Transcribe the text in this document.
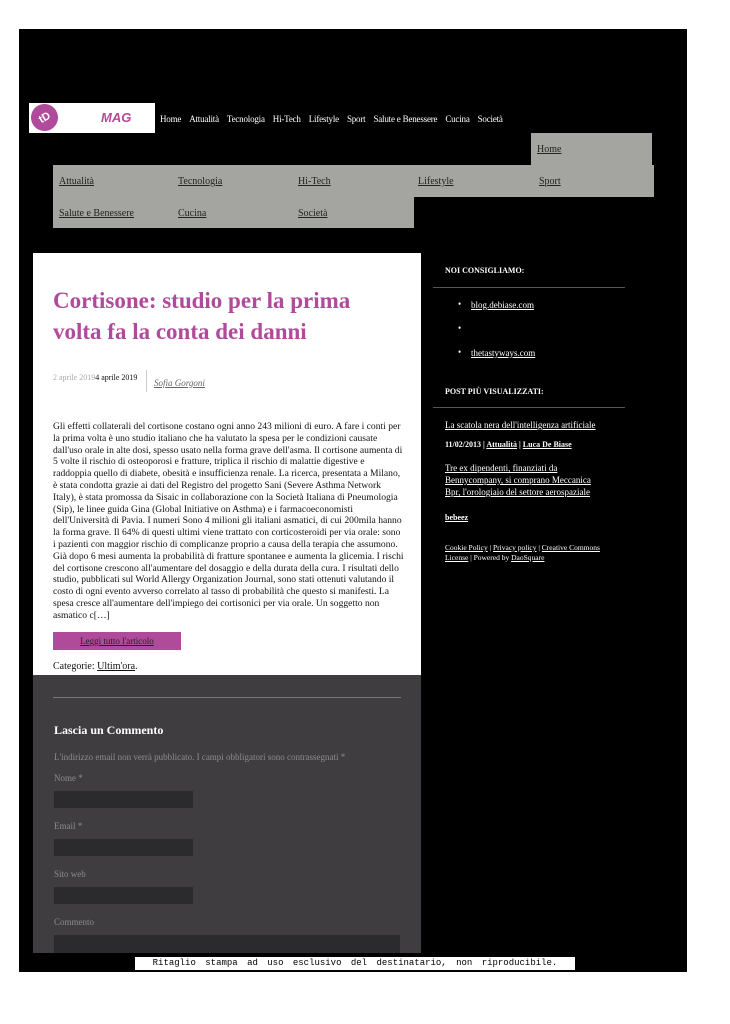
tD	MAG	Home Attualità Tecnologia Hi-Tech Lifestyle Sport Salute e Benessere Cucina Società
Home
Attualità	Tecnologia	Hi-Tech	Lifestyle	Sport
Salute e Benessere	Cucina	Società
Cortisone: studio per la prima volta fa la conta dei danni
2 aprile 20194 aprile 2019
Sofia Gorgoni

Gli effetti collaterali del cortisone costano ogni anno 243 milioni di euro. A fare i conti per la prima volta è uno studio italiano che ha valutato la spesa per le condizioni causate dall'uso orale in alte dosi, spesso usato nella forma grave dell'asma. Il cortisone aumenta di 5 volte il rischio di osteoporosi e fratture, triplica il rischio di malattie digestive e raddoppia quello di diabete, obesità e insufficienza renale. La ricerca, presentata a Milano, è stata condotta grazie ai dati del Registro del progetto Sani (Severe Asthma Network Italy), è stata promossa da Sisaic in collaborazione con la Società Italiana di Pneumologia (Sip), le linee guida Gina (Global Initiative on Asthma) e i farmacoeconomisti dell'Università di Pavia. I numeri Sono 4 milioni gli italiani asmatici, di cui 200mila hanno la forma grave. Il 64% di questi ultimi viene trattato con corticosteroidi per via orale: sono i pazienti con maggior rischio di complicanze proprio a causa della terapia che assumono. Già dopo 6 mesi aumenta la probabilità di fratture spontanee e aumenta la glicemia. I rischi del cortisone crescono all'aumentare del dosaggio e della durata della cura. I risultati dello studio, pubblicati sul World Allergy Organization Journal, sono stati ottenuti valutando il costo di ogni evento avverso correlato al tasso di probabilità che questo si manifesti. La spesa cresce all'aumentare dell'impiego dei cortisonici per via orale. Un soggetto non asmatico c[…]

Leggi tutto l'articolo
Categorie: Ultim'ora.
Lascia un Commento
L'indirizzo email non verrà pubblicato. I campi obbligatori sono contrassegnati *
Nome *
Email *
Sito web
Commento
NOI CONSIGLIAMO:
• blog.debiase.com
•
• thetastyways.com
POST PIÙ VISUALIZZATI:
La scatola nera dell'intelligenza artificiale
11/02/2013 | Attualità | Luca De Biase
Tre ex dipendenti, finanziati da Bennycompany, si comprano Meccanica Bpr, l'orologiaio del settore aerospaziale
bebeez
Cookie Policy | Privacy policy | Creative Commons License | Powered by DaoSquare
Ritaglio stampa ad uso esclusivo del destinatario, non riproducibile.
